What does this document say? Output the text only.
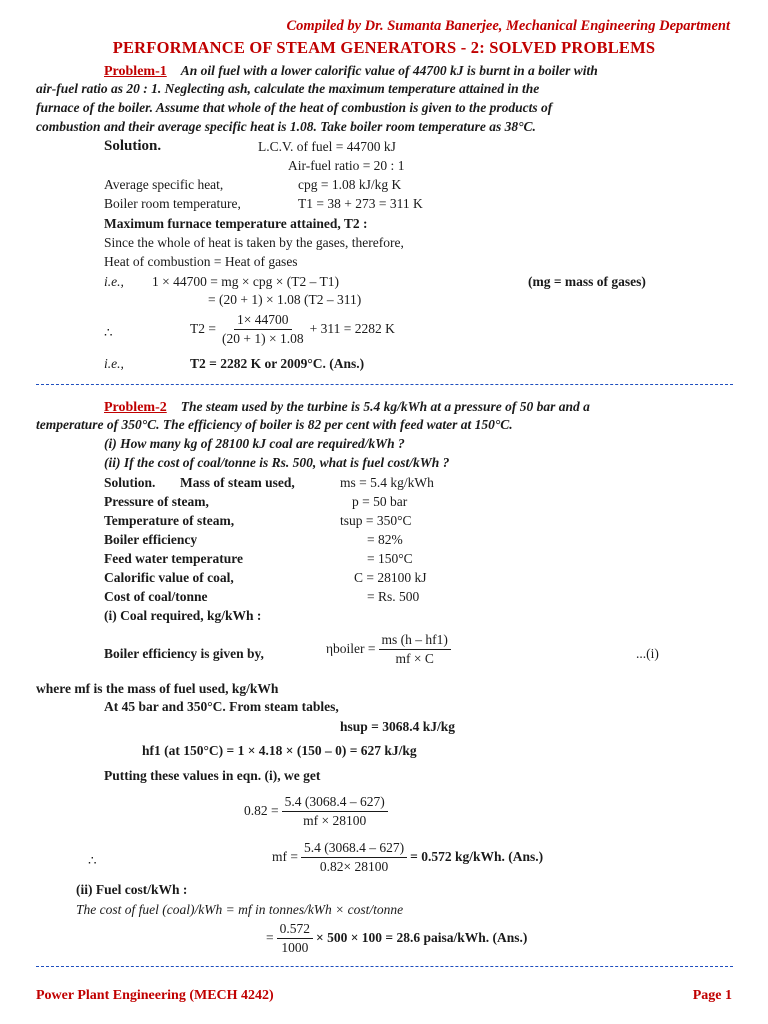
Compiled by Dr. Sumanta Banerjee, Mechanical Engineering Department
PERFORMANCE OF STEAM GENERATORS - 2: SOLVED PROBLEMS
Problem-1 An oil fuel with a lower calorific value of 44700 kJ is burnt in a boiler with
air-fuel ratio as 20 : 1. Neglecting ash, calculate the maximum temperature attained in the
furnace of the boiler. Assume that whole of the heat of combustion is given to the products of
combustion and their average specific heat is 1.08. Take boiler room temperature as 38°C.
Solution.	L.C.V. of fuel = 44700 kJ
Air-fuel ratio = 20 : 1
Average specific heat,	cpg = 1.08 kJ/kg K
Boiler room temperature,	T1 = 38 + 273 = 311 K
Maximum furnace temperature attained, T2 :
Since the whole of heat is taken by the gases, therefore,
Heat of combustion = Heat of gases
i.e., 1 × 44700 = mg × cpg × (T2 – T1)	(mg = mass of gases)
= (20 + 1) × 1.08 (T2 – 311)
∴	$T2 = \frac{1\times 44700}{(20 + 1) \times 1.08} + 311 = 2282$ K
i.e.,	T2 = 2282 K or 2009°C. (Ans.)
Problem-2 The steam used by the turbine is 5.4 kg/kWh at a pressure of 50 bar and a
temperature of 350°C. The efficiency of boiler is 82 per cent with feed water at 150°C.
(i) How many kg of 28100 kJ coal are required/kWh ?
(ii) If the cost of coal/tonne is Rs. 500, what is fuel cost/kWh ?
Solution. Mass of steam used,	ms = 5.4 kg/kWh
Pressure of steam,	p = 50 bar
Temperature of steam,	tsup = 350°C
Boiler efficiency	= 82%
Feed water temperature	= 150°C
Calorific value of coal,	C = 28100 kJ
Cost of coal/tonne	= Rs. 500
(i) Coal required, kg/kWh :
Boiler efficiency is given by,	ηboiler = $\frac{ms (h - hf1)}{mf \times C}$	...(i)
where mf is the mass of fuel used, kg/kWh
At 45 bar and 350°C. From steam tables,
hsup = 3068.4 kJ/kg
hf1 (at 150°C) = 1 × 4.18 × (150 – 0) = 627 kJ/kg
Putting these values in eqn. (i), we get
$0.82 = \frac{5.4 (3068.4 - 627)}{mf \times 28100}$
∴	mf = $\frac{5.4 (3068.4 - 627)}{0.82\times 28100} = 0.572$ kg/kWh. (Ans.)
(ii) Fuel cost/kWh :
The cost of fuel (coal)/kWh = mf in tonnes/kWh × cost/tonne
= $\frac{0.572}{1000} \times 500 \times 100 = 28.6$ paisa/kWh. (Ans.)
Power Plant Engineering (MECH 4242)	Page 1
